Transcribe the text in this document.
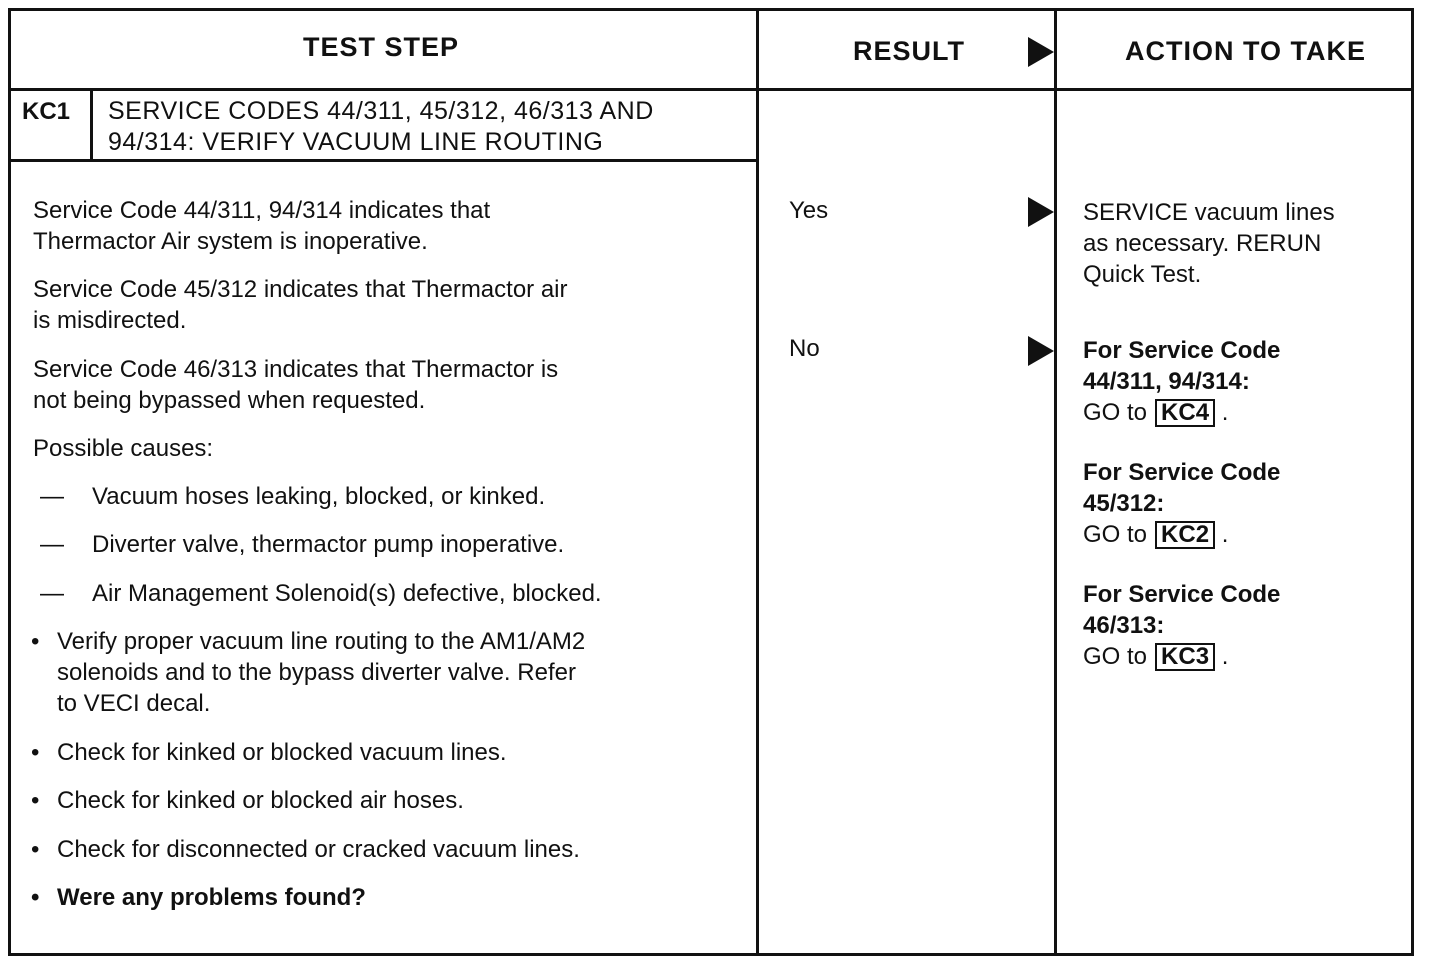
TEST STEP	RESULT	ACTION TO TAKE
KC1 SERVICE CODES 44/311, 45/312, 46/313 AND
94/314: VERIFY VACUUM LINE ROUTING
Service Code 44/311, 94/314 indicates that
Thermactor Air system is inoperative.
Service Code 45/312 indicates that Thermactor air
is misdirected.
Service Code 46/313 indicates that Thermactor is
not being bypassed when requested.
Possible causes:
— Vacuum hoses leaking, blocked, or kinked.
— Diverter valve, thermactor pump inoperative.
— Air Management Solenoid(s) defective, blocked.
• Verify proper vacuum line routing to the AM1/AM2
solenoids and to the bypass diverter valve. Refer
to VECI decal.
• Check for kinked or blocked vacuum lines.
• Check for kinked or blocked air hoses.
• Check for disconnected or cracked vacuum lines.
• Were any problems found?
Yes
No
SERVICE vacuum lines
as necessary. RERUN
Quick Test.
For Service Code
44/311, 94/314:
GO to KC4 .
For Service Code
45/312:
GO to KC2 .
For Service Code
46/313:
GO to KC3 .
